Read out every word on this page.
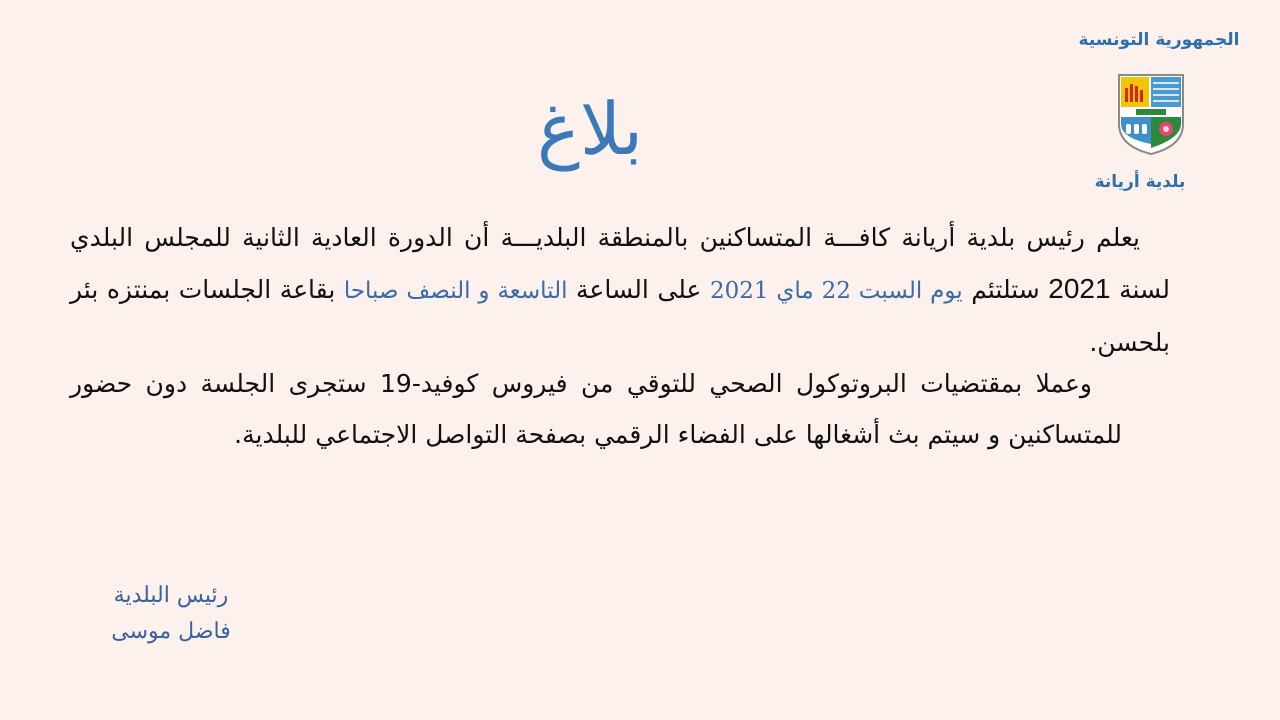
الجمهورية التونسية
بلدية أريانة
بلاغ
يعلم رئيس بلدية أريانة كافـــة المتساكنين بالمنطقة البلديـــة أن الدورة العادية الثانية للمجلس البلدي لسنة 2021 ستلتئم يوم السبت 22 ماي 2021 على الساعة التاسعة و النصف صباحا بقاعة الجلسات بمنتزه بئر بلحسن.
وعملا بمقتضيات البروتوكول الصحي للتوقي من فيروس كوفيد-19 ستجرى الجلسة دون حضور للمتساكنين و سيتم بث أشغالها على الفضاء الرقمي بصفحة التواصل الاجتماعي للبلدية.
رئيس البلدية
فاضل موسى
